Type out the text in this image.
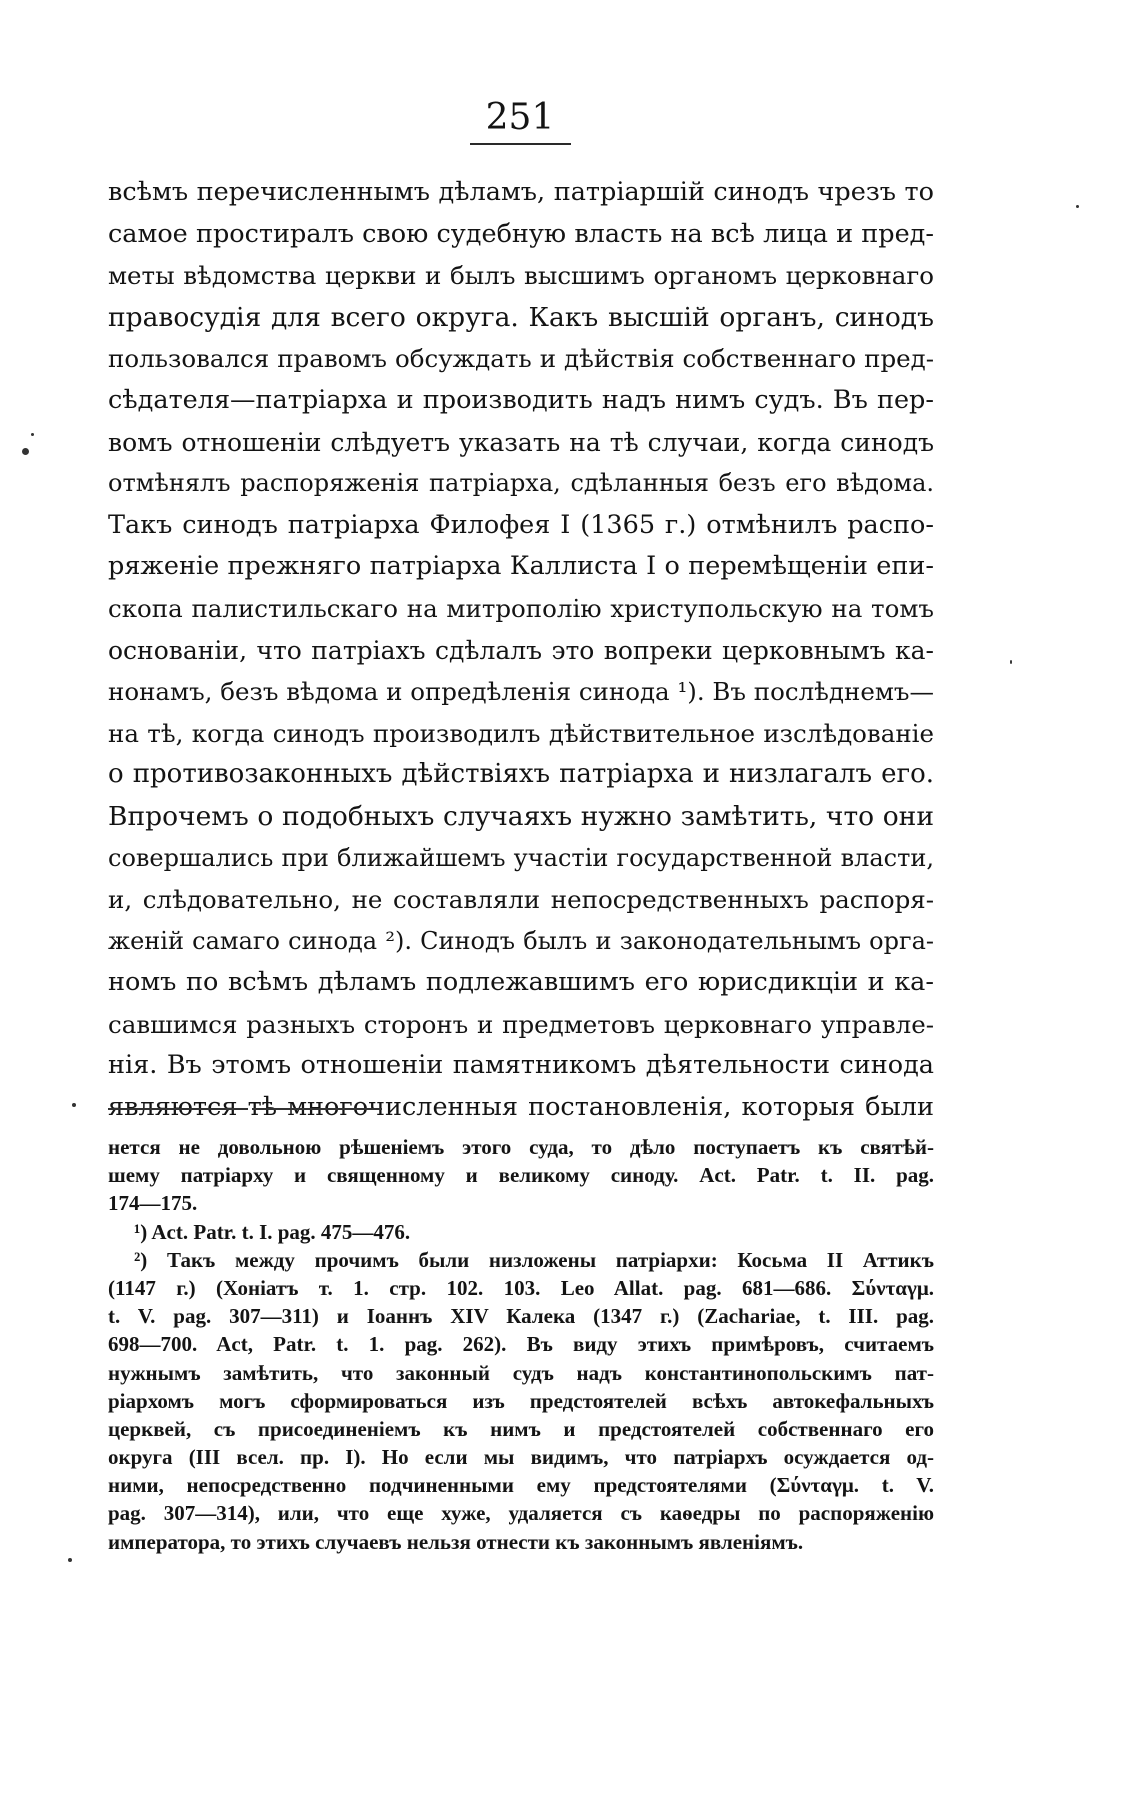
251
всѣмъ перечисленнымъ дѣламъ, патріаршій синодъ чрезъ то
самое простиралъ свою судебную власть на всѣ лица и пред-
меты вѣдомства церкви и былъ высшимъ органомъ церковнаго
правосудія для всего округа. Какъ высшій органъ, синодъ
пользовался правомъ обсуждать и дѣйствія собственнаго пред-
сѣдателя—патріарха и производить надъ нимъ судъ. Въ пер-
вомъ отношеніи слѣдуетъ указать на тѣ случаи, когда синодъ
отмѣнялъ распоряженія патріарха, сдѣланныя безъ его вѣдома.
Такъ синодъ патріарха Филофея I (1365 г.) отмѣнилъ распо-
ряженіе прежняго патріарха Каллиста I о перемѣщеніи епи-
скопа палистильскаго на митрополію христупольскую на томъ
основаніи, что патріахъ сдѣлалъ это вопреки церковнымъ ка-
нонамъ, безъ вѣдома и опредѣленія синода ¹). Въ послѣднемъ—
на тѣ, когда синодъ производилъ дѣйствительное изслѣдованіе
о противозаконныхъ дѣйствіяхъ патріарха и низлагалъ его.
Впрочемъ о подобныхъ случаяхъ нужно замѣтить, что они
совершались при ближайшемъ участіи государственной власти,
и, слѣдовательно, не составляли непосредственныхъ распоря-
женій самаго синода ²). Синодъ былъ и законодательнымъ орга-
номъ по всѣмъ дѣламъ подлежавшимъ его юрисдикціи и ка-
савшимся разныхъ сторонъ и предметовъ церковнаго управле-
нія. Въ этомъ отношеніи памятникомъ дѣятельности синода
являются тѣ многочисленныя постановленія, которыя были
нется не довольною рѣшеніемъ этого суда, то дѣло поступаетъ къ святѣй-
шему патріарху и священному и великому синоду. Act. Patr. t. II. pag.
174—175.
¹) Act. Patr. t. I. pag. 475—476.
²) Такъ между прочимъ были низложены патріархи: Косьма II Аттикъ
(1147 г.) (Хоніатъ т. 1. стр. 102. 103. Leo Allat. pag. 681—686. Σύνταγμ.
t. V. pag. 307—311) и Іоаннъ XIV Калека (1347 г.) (Zachariae, t. III. pag.
698—700. Act, Patr. t. 1. pag. 262). Въ виду этихъ примѣровъ, считаемъ
нужнымъ замѣтить, что законный судъ надъ константинопольскимъ пат-
ріархомъ могъ сформироваться изъ предстоятелей всѣхъ автокефальныхъ
церквей, съ присоединеніемъ къ нимъ и предстоятелей собственнаго его
округа (III всел. пр. I). Но если мы видимъ, что патріархъ осуждается од-
ними, непосредственно подчиненными ему предстоятелями (Σύνταγμ. t. V.
pag. 307—314), или, что еще хуже, удаляется съ каѳедры по распоряженію
императора, то этихъ случаевъ нельзя отнести къ законнымъ явленіямъ.
